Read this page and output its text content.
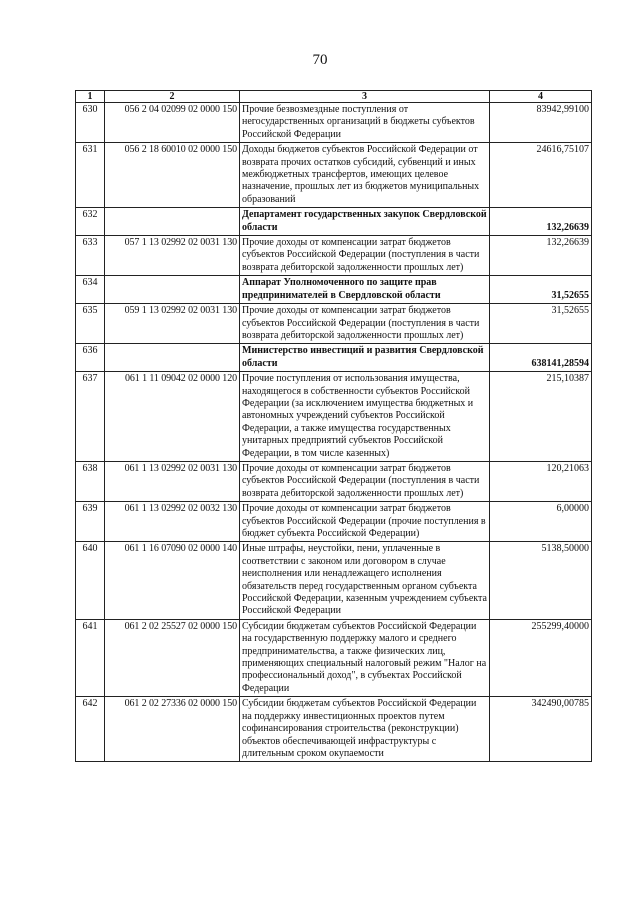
70
1	2	3	4
630	056 2 04 02099 02 0000 150	Прочие безвозмездные поступления от негосударственных организаций в бюджеты субъектов Российской Федерации	83942,99100
631	056 2 18 60010 02 0000 150	Доходы бюджетов субъектов Российской Федерации от возврата прочих остатков субсидий, субвенций и иных межбюджетных трансфертов, имеющих целевое назначение, прошлых лет из бюджетов муниципальных образований	24616,75107
632		Департамент государственных закупок Свердловской области	132,26639
633	057 1 13 02992 02 0031 130	Прочие доходы от компенсации затрат бюджетов субъектов Российской Федерации (поступления в части возврата дебиторской задолженности прошлых лет)	132,26639
634		Аппарат Уполномоченного по защите прав предпринимателей в Свердловской области	31,52655
635	059 1 13 02992 02 0031 130	Прочие доходы от компенсации затрат бюджетов субъектов Российской Федерации (поступления в части возврата дебиторской задолженности прошлых лет)	31,52655
636		Министерство инвестиций и развития Свердловской области	638141,28594
637	061 1 11 09042 02 0000 120	Прочие поступления от использования имущества, находящегося в собственности субъектов Российской Федерации (за исключением имущества бюджетных и автономных учреждений субъектов Российской Федерации, а также имущества государственных унитарных предприятий субъектов Российской Федерации, в том числе казенных)	215,10387
638	061 1 13 02992 02 0031 130	Прочие доходы от компенсации затрат бюджетов субъектов Российской Федерации (поступления в части возврата дебиторской задолженности прошлых лет)	120,21063
639	061 1 13 02992 02 0032 130	Прочие доходы от компенсации затрат бюджетов субъектов Российской Федерации (прочие поступления в бюджет субъекта Российской Федерации)	6,00000
640	061 1 16 07090 02 0000 140	Иные штрафы, неустойки, пени, уплаченные в соответствии с законом или договором в случае неисполнения или ненадлежащего исполнения обязательств перед государственным органом субъекта Российской Федерации, казенным учреждением субъекта Российской Федерации	5138,50000
641	061 2 02 25527 02 0000 150	Субсидии бюджетам субъектов Российской Федерации на государственную поддержку малого и среднего предпринимательства, а также физических лиц, применяющих специальный налоговый режим "Налог на профессиональный доход", в субъектах Российской Федерации	255299,40000
642	061 2 02 27336 02 0000 150	Субсидии бюджетам субъектов Российской Федерации на поддержку инвестиционных проектов путем софинансирования строительства (реконструкции) объектов обеспечивающей инфраструктуры с длительным сроком окупаемости	342490,00785
